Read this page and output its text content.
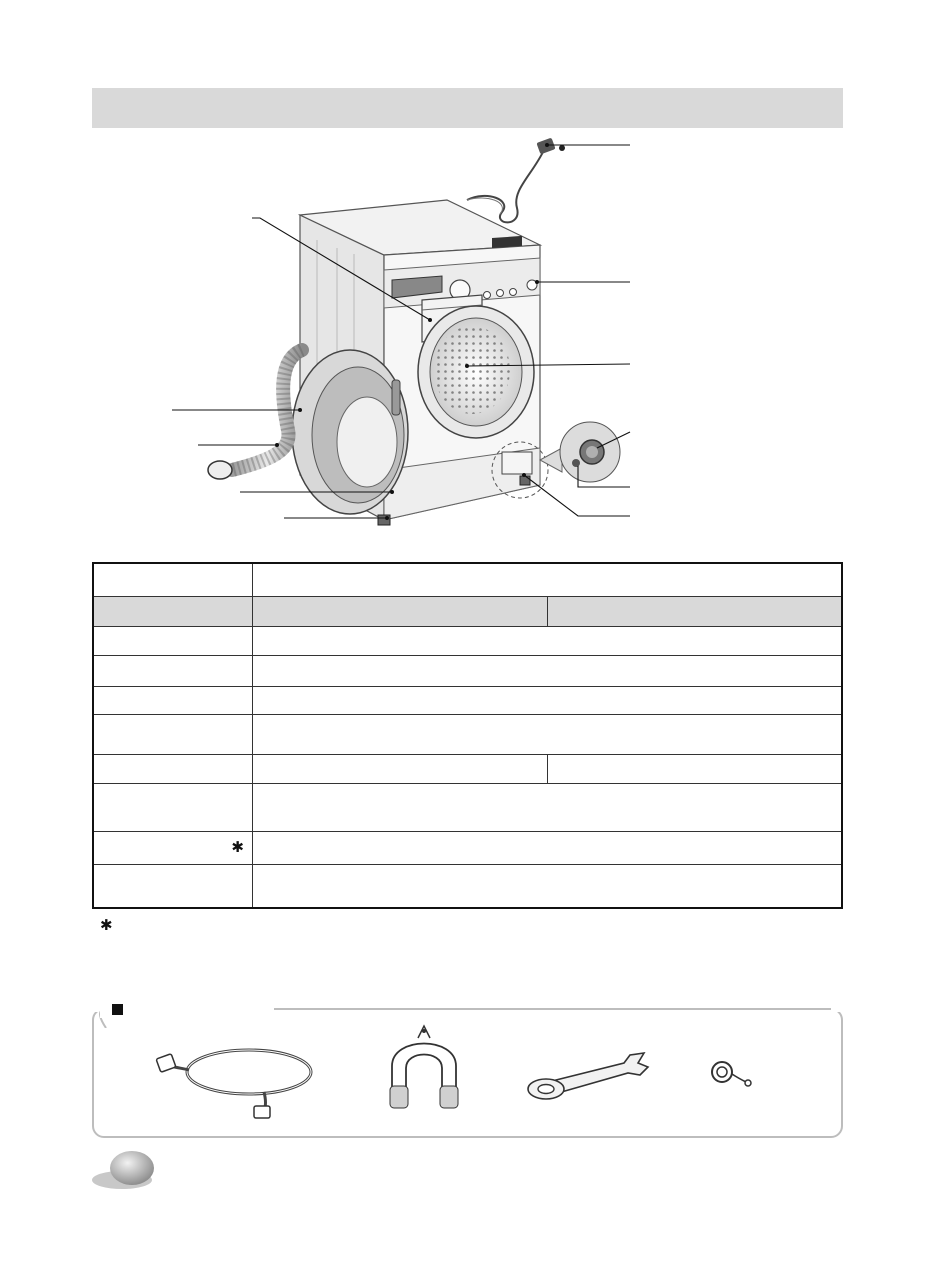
✱		

✱
